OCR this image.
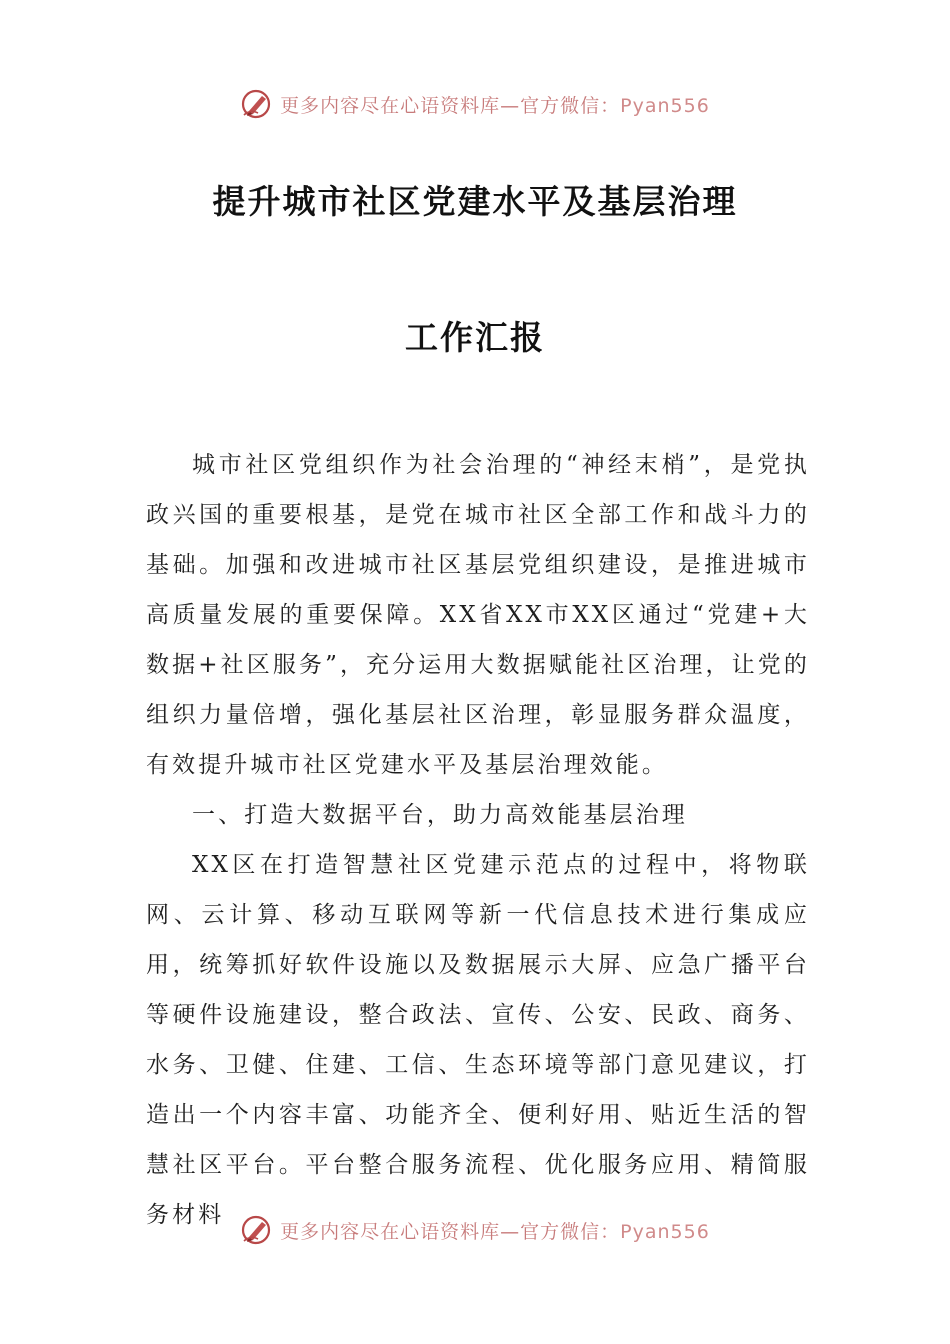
更多内容尽在心语资料库—官方微信：Pyan556
提升城市社区党建水平及基层治理
工作汇报

城市社区党组织作为社会治理的“神经末梢”，是党执政兴国的重要根基，是党在城市社区全部工作和战斗力的基础。加强和改进城市社区基层党组织建设，是推进城市高质量发展的重要保障。XX省XX市XX区通过“党建+大数据+社区服务”，充分运用大数据赋能社区治理，让党的组织力量倍增，强化基层社区治理，彰显服务群众温度，有效提升城市社区党建水平及基层治理效能。

一、打造大数据平台，助力高效能基层治理

XX区在打造智慧社区党建示范点的过程中，将物联网、云计算、移动互联网等新一代信息技术进行集成应用，统筹抓好软件设施以及数据展示大屏、应急广播平台等硬件设施建设，整合政法、宣传、公安、民政、商务、水务、卫健、住建、工信、生态环境等部门意见建议，打造出一个内容丰富、功能齐全、便利好用、贴近生活的智慧社区平台。平台整合服务流程、优化服务应用、精简服务材料

更多内容尽在心语资料库—官方微信：Pyan556
